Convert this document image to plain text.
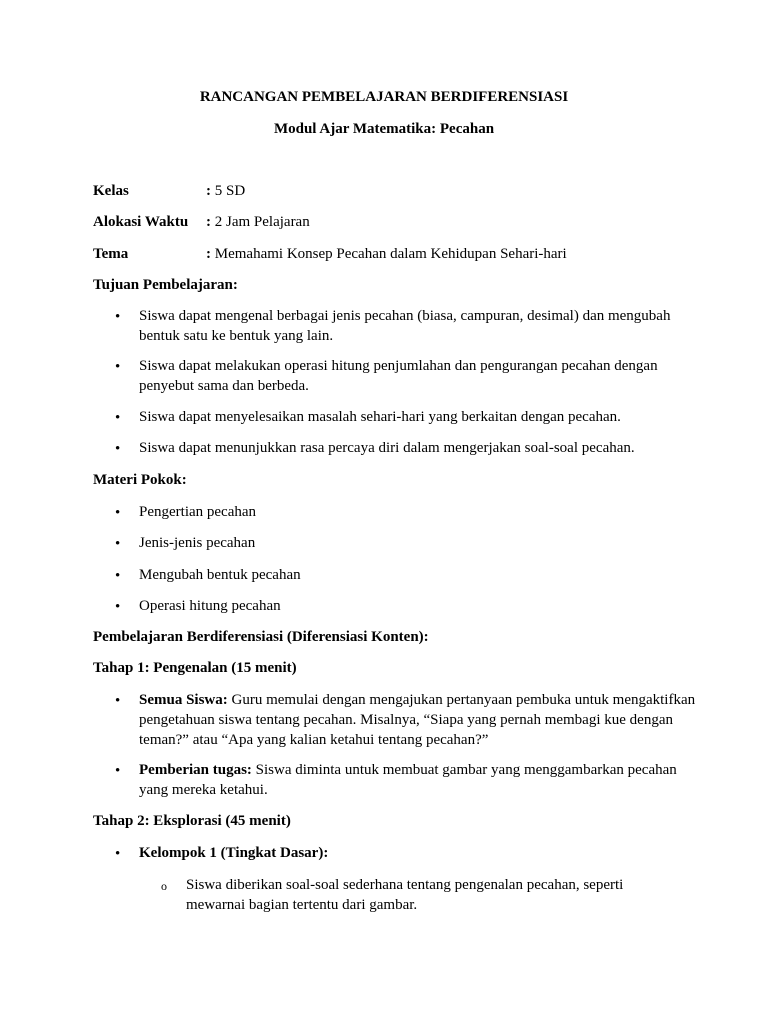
RANCANGAN PEMBELAJARAN BERDIFERENSIASI
Modul Ajar Matematika: Pecahan
Kelas	: 5 SD
Alokasi Waktu : 2 Jam Pelajaran
Tema	: Memahami Konsep Pecahan dalam Kehidupan Sehari-hari
Tujuan Pembelajaran:
• Siswa dapat mengenal berbagai jenis pecahan (biasa, campuran, desimal) dan mengubah bentuk satu ke bentuk yang lain.
• Siswa dapat melakukan operasi hitung penjumlahan dan pengurangan pecahan dengan penyebut sama dan berbeda.
• Siswa dapat menyelesaikan masalah sehari-hari yang berkaitan dengan pecahan.
• Siswa dapat menunjukkan rasa percaya diri dalam mengerjakan soal-soal pecahan.
Materi Pokok:
• Pengertian pecahan
• Jenis-jenis pecahan
• Mengubah bentuk pecahan
• Operasi hitung pecahan
Pembelajaran Berdiferensiasi (Diferensiasi Konten):
Tahap 1: Pengenalan (15 menit)
• Semua Siswa: Guru memulai dengan mengajukan pertanyaan pembuka untuk mengaktifkan pengetahuan siswa tentang pecahan. Misalnya, “Siapa yang pernah membagi kue dengan teman?” atau “Apa yang kalian ketahui tentang pecahan?”
• Pemberian tugas: Siswa diminta untuk membuat gambar yang menggambarkan pecahan yang mereka ketahui.
Tahap 2: Eksplorasi (45 menit)
• Kelompok 1 (Tingkat Dasar):
o Siswa diberikan soal-soal sederhana tentang pengenalan pecahan, seperti mewarnai bagian tertentu dari gambar.
